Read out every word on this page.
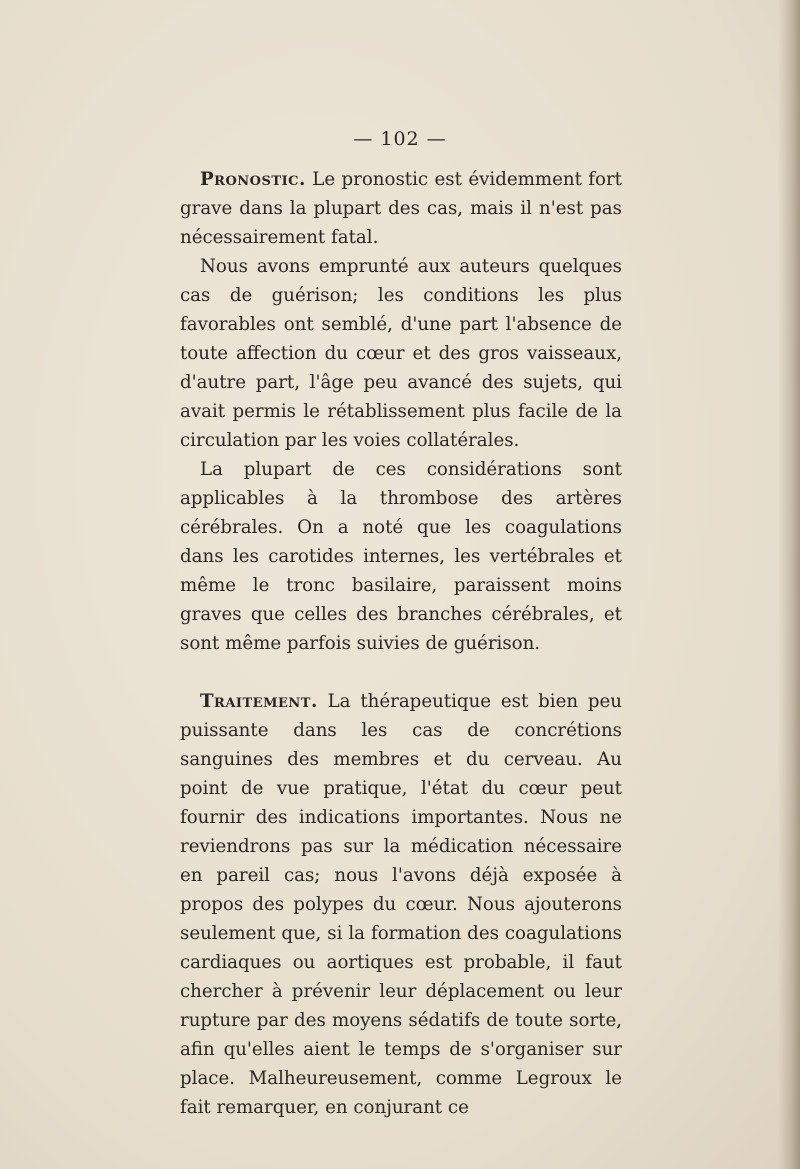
— 102 —

Pronostic. Le pronostic est évidemment fort grave dans la plupart des cas, mais il n'est pas nécessairement fatal.

Nous avons emprunté aux auteurs quelques cas de guérison; les conditions les plus favorables ont semblé, d'une part l'absence de toute affection du cœur et des gros vaisseaux, d'autre part, l'âge peu avancé des sujets, qui avait permis le rétablissement plus facile de la circulation par les voies collatérales.

La plupart de ces considérations sont applicables à la thrombose des artères cérébrales. On a noté que les coagulations dans les carotides internes, les vertébrales et même le tronc basilaire, paraissent moins graves que celles des branches cérébrales, et sont même parfois suivies de guérison.

Traitement. La thérapeutique est bien peu puissante dans les cas de concrétions sanguines des membres et du cerveau. Au point de vue pratique, l'état du cœur peut fournir des indications importantes. Nous ne reviendrons pas sur la médication nécessaire en pareil cas; nous l'avons déjà exposée à propos des polypes du cœur. Nous ajouterons seulement que, si la formation des coagulations cardiaques ou aortiques est probable, il faut chercher à prévenir leur déplacement ou leur rupture par des moyens sédatifs de toute sorte, afin qu'elles aient le temps de s'organiser sur place. Malheureusement, comme Legroux le fait remarquer, en conjurant ce
